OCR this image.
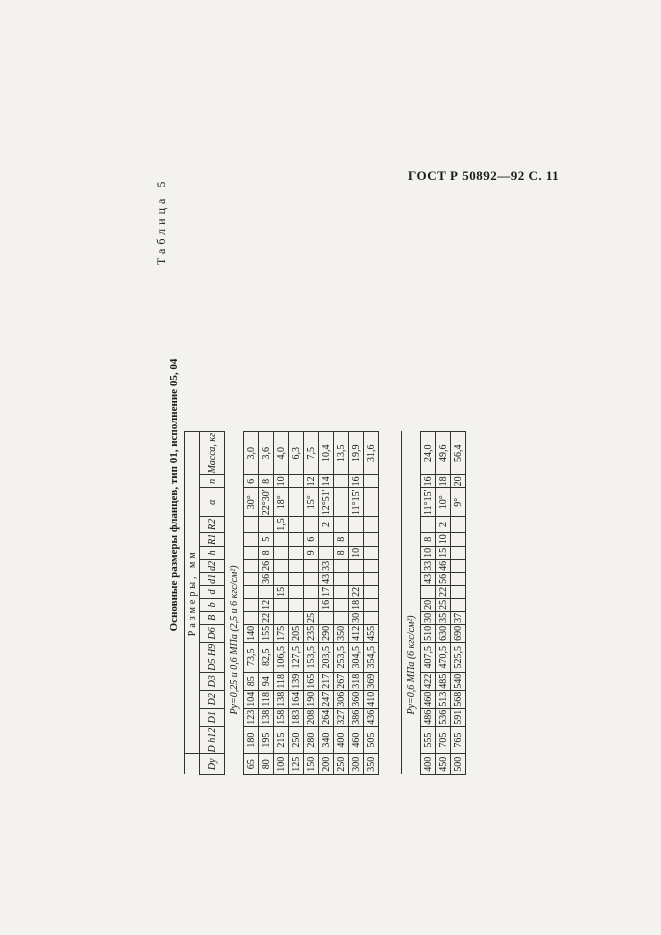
ГОСТ Р 50892—92 С. 11
Таблица 5
Основные размеры фланцев, тип 01, исполнение 05, 04
	Размеры, мм																
Dу	D h12	D1	D2	D3	D5 H9	D6	B	b	d	d1	d2	h	R1	R2	α	n	Масса, кг
Pу=0,25 и 0,6 МПа (2,5 и 6 кгс/см²)																	
65	180	123	104	85	73,5	140									30°	6	3,0
80	195	138	118	94	82,5	155	22	12		36	26	8	5		22°30'	8	3,6
100	215	158	138	118	106,5	175			15					1,5	18°	10	4,0
125	250	183	164	139	127,5	205											6,3
150	280	208	190	165	153,5	235	25					9	6		15°	12	7,5
200	340	264	247	217	203,5	290		16	17	43	33			2	12°51'	14	10,4
250	400	327	306	267	253,5	350						8	8				13,5
300	460	386	360	318	304,5	412	30	18	22			10			11°15'	16	19,9
350	505	436	410	369	354,5	455											31,6

Pу=0,6 МПа (6 кгс/см²)																	
400	555	486	460	422	407,5	510	30	20		43	33	10	8		11°15'	16	24,0
450	705	536	513	485	470,5	630	35	25	22	56	46	15	10	2	10°	18	49,6
500	765	591	568	540	525,5	690	37								9°	20	56,4
